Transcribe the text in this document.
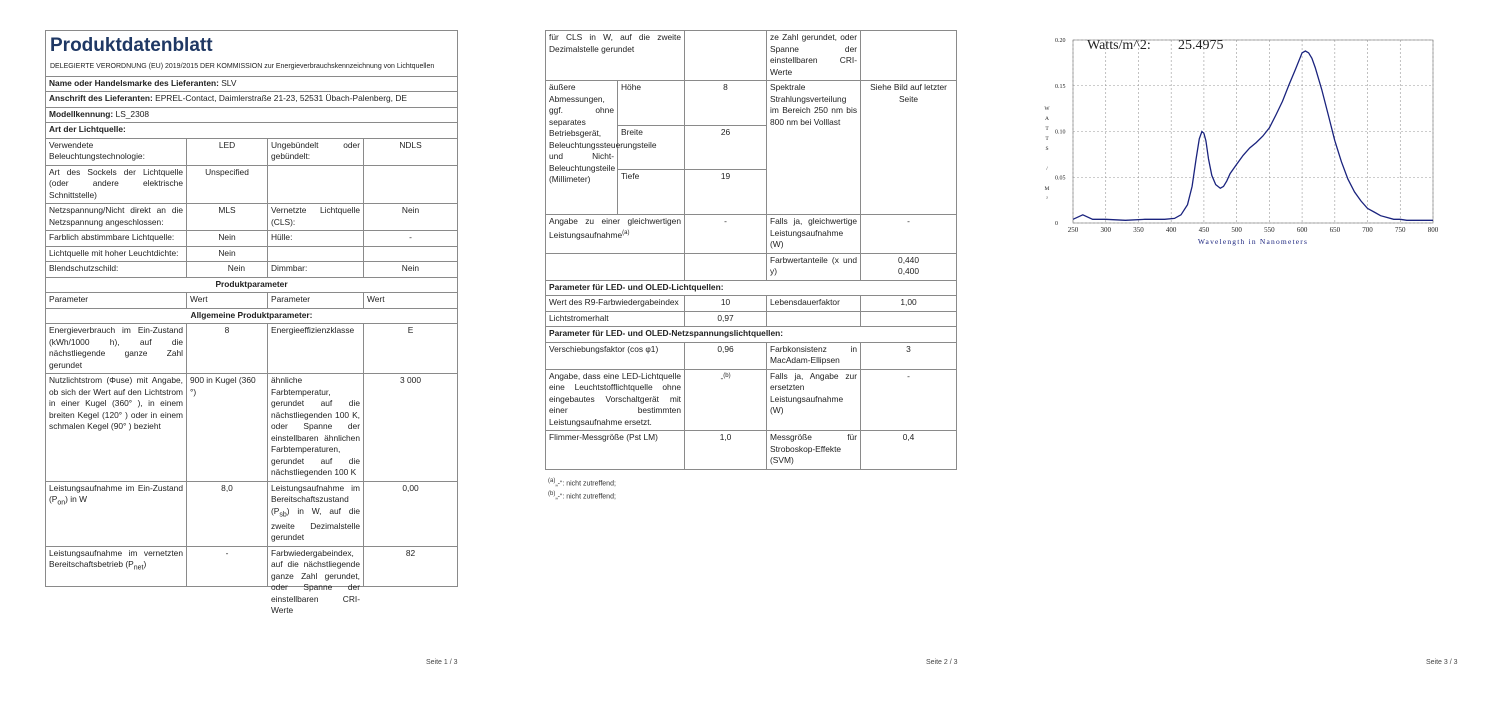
Produktdatenblatt
DELEGIERTE VERORDNUNG (EU) 2019/2015 DER KOMMISSION zur Energieverbrauchskennzeichnung von Lichtquellen			

Name oder Handelsmarke des Lieferanten: SLV			
Anschrift des Lieferanten: EPREL-Contact, Daimlerstraße 21-23, 52531 Übach-Palenberg, DE			
Modellkennung: LS_2308			
Art der Lichtquelle:			
Verwendete Beleuchtungstechnologie:	LED	Ungebündelt oder gebündelt:	NDLS
Art des Sockels der Lichtquelle (oder andere elektrische Schnittstelle)	Unspecified		
Netzspannung/Nicht direkt an die Netzspannung angeschlossen:	MLS	Vernetzte Lichtquelle (CLS):	Nein
Farblich abstimmbare Lichtquelle:	Nein	Hülle:	-
Lichtquelle mit hoher Leuchtdichte:	Nein		
Blendschutzschild:	Nein	Dimmbar:	Nein
Produktparameter			
Parameter	Wert	Parameter	Wert
Allgemeine Produktparameter:			
Energieverbrauch im Ein-Zustand (kWh/1000 h), auf die nächstliegende ganze Zahl gerundet	8	Energieeffizienzklasse	E
Nutzlichtstrom (Φuse) mit Angabe, ob sich der Wert auf den Lichtstrom in einer Kugel (360° ), in einem breiten Kegel (120° ) oder in einem schmalen Kegel (90° ) bezieht	900 in Kugel (360 °)	ähnliche Farbtemperatur, gerundet auf die nächstliegenden 100 K, oder Spanne der einstellbaren ähnlichen Farbtemperaturen, gerundet auf die nächstliegenden 100 K	3 000
Leistungsaufnahme im Ein-Zustand $(P_{on})$ in W	8,0	Leistungsaufnahme im Bereitschaftszustand $(P_{sb})$ in W, auf die zweite Dezimalstelle gerundet	0,00
Leistungsaufnahme im vernetzten Bereitschaftsbetrieb $(P_{net})$	-	Farbwiedergabeindex, auf die nächstliegende ganze Zahl gerundet, oder Spanne der einstellbaren CRI-Werte	82
Seite 1 / 3
für CLS in W, auf die zweite Dezimalstelle gerundet			ze Zahl gerundet, oder Spanne der einstellbaren CRI-Werte	
äußere Abmessungen, ggf. ohne separates Betriebsgerät, Beleuchtungssteuerungsteile und Nicht-Beleuchtungsteile (Millimeter)	Höhe	8	Spektrale Strahlungsverteilung im Bereich 250 nm bis 800 nm bei Volllast	Siehe Bild auf letzter Seite
	Breite	26		
	Tiefe	19		
Angabe zu einer gleichwertigen Leistungsaufnahme$^{(a)}$		-	Falls ja, gleichwertige Leistungsaufnahme (W)	-
			Farbwertanteile (x und y)	0,440
0,400

Parameter für LED- und OLED-Lichtquellen:				
Wert des R9-Farbwiedergabeindex		10	Lebensdauerfaktor	1,00
Lichtstromerhalt		0,97		
Parameter für LED- und OLED-Netzspannungslichtquellen:				
Verschiebungsfaktor (cos φ1)		0,96	Farbkonsistenz in MacAdam-Ellipsen	3
Angabe, dass eine LED-Lichtquelle eine Leuchtstofflichtquelle ohne eingebautes Vorschaltgerät mit einer bestimmten Leistungsaufnahme ersetzt.		-$^{(b)}$	Falls ja, Angabe zur ersetzten Leistungsaufnahme (W)	-
Flimmer-Messgröße (Pst LM)		1,0	Messgröße für Stroboskop-Effekte (SVM)	0,4
$^{(a)}$„-“: nicht zutreffend;
$^{(b)}$„-“: nicht zutreffend;
Seite 2 / 3
250	300	350	400	450	500	550	600	650	700	750	800
0
0.05
0.10
0.15
0.20
Wavelength in Nanometers
W
A
T
T
S
/
M
²
Watts/m^2: 25.4975
Seite 3 / 3
